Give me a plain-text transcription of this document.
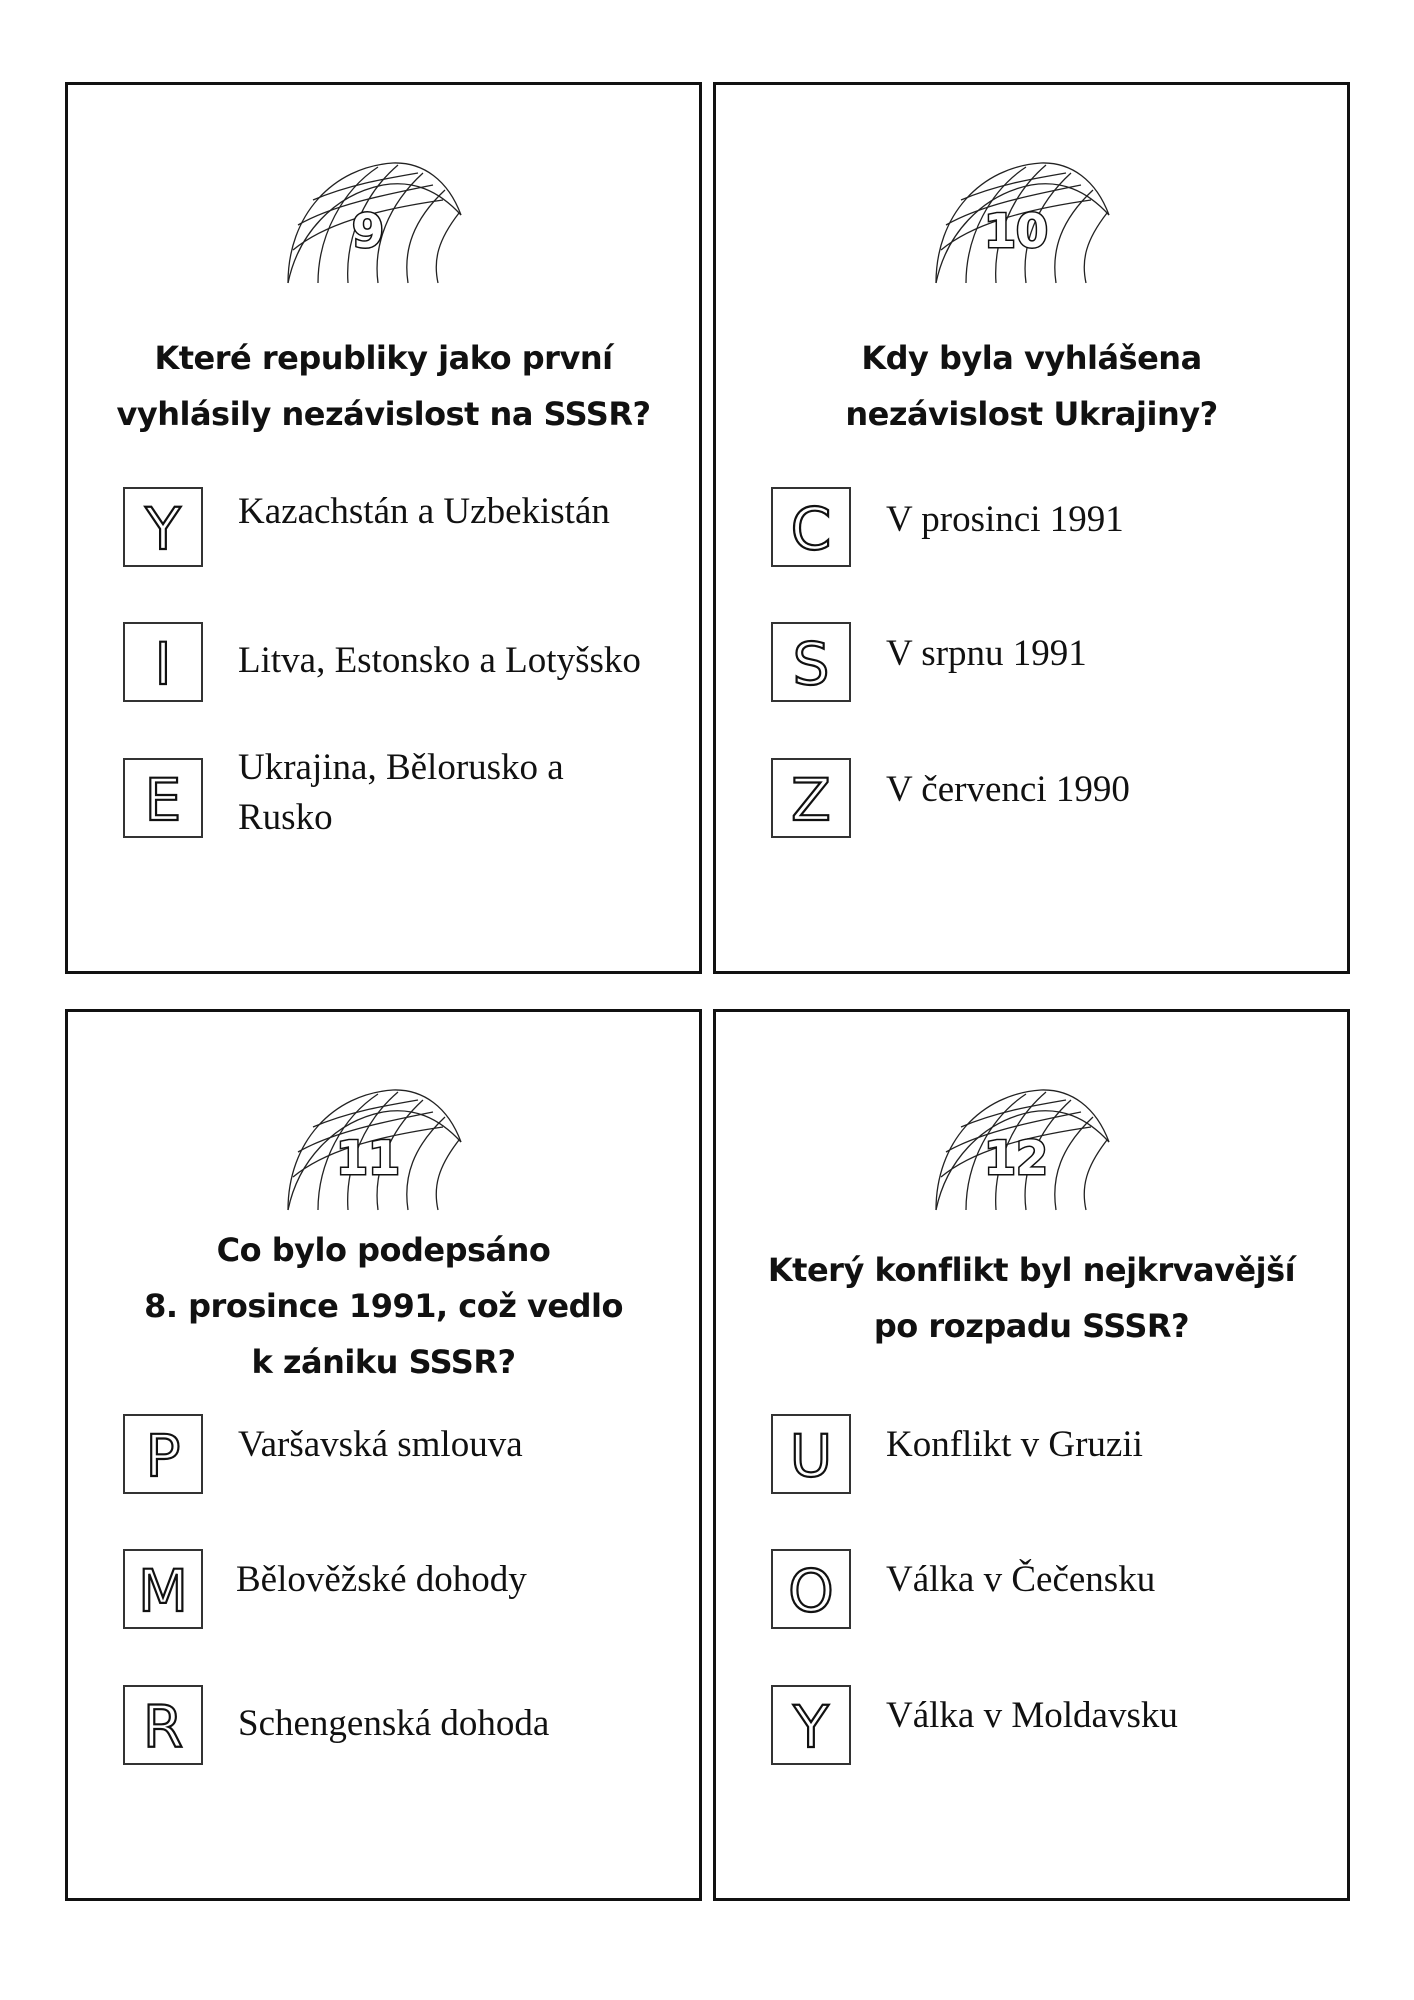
9
Které republiky jako první
vyhlásily nezávislost na SSSR?
Y Kazachstán a Uzbekistán
I Litva, Estonsko a Lotyšsko
E Ukrajina, Bělorusko a Rusko
10
Kdy byla vyhlášena
nezávislost Ukrajiny?
C V prosinci 1991
S V srpnu 1991
Z V červenci 1990
11
Co bylo podepsáno
8. prosince 1991, což vedlo
k zániku SSSR?
P Varšavská smlouva
M Bělověžské dohody
R Schengenská dohoda
12
Který konflikt byl nejkrvavější
po rozpadu SSSR?
U Konflikt v Gruzii
O Válka v Čečensku
Y Válka v Moldavsku
